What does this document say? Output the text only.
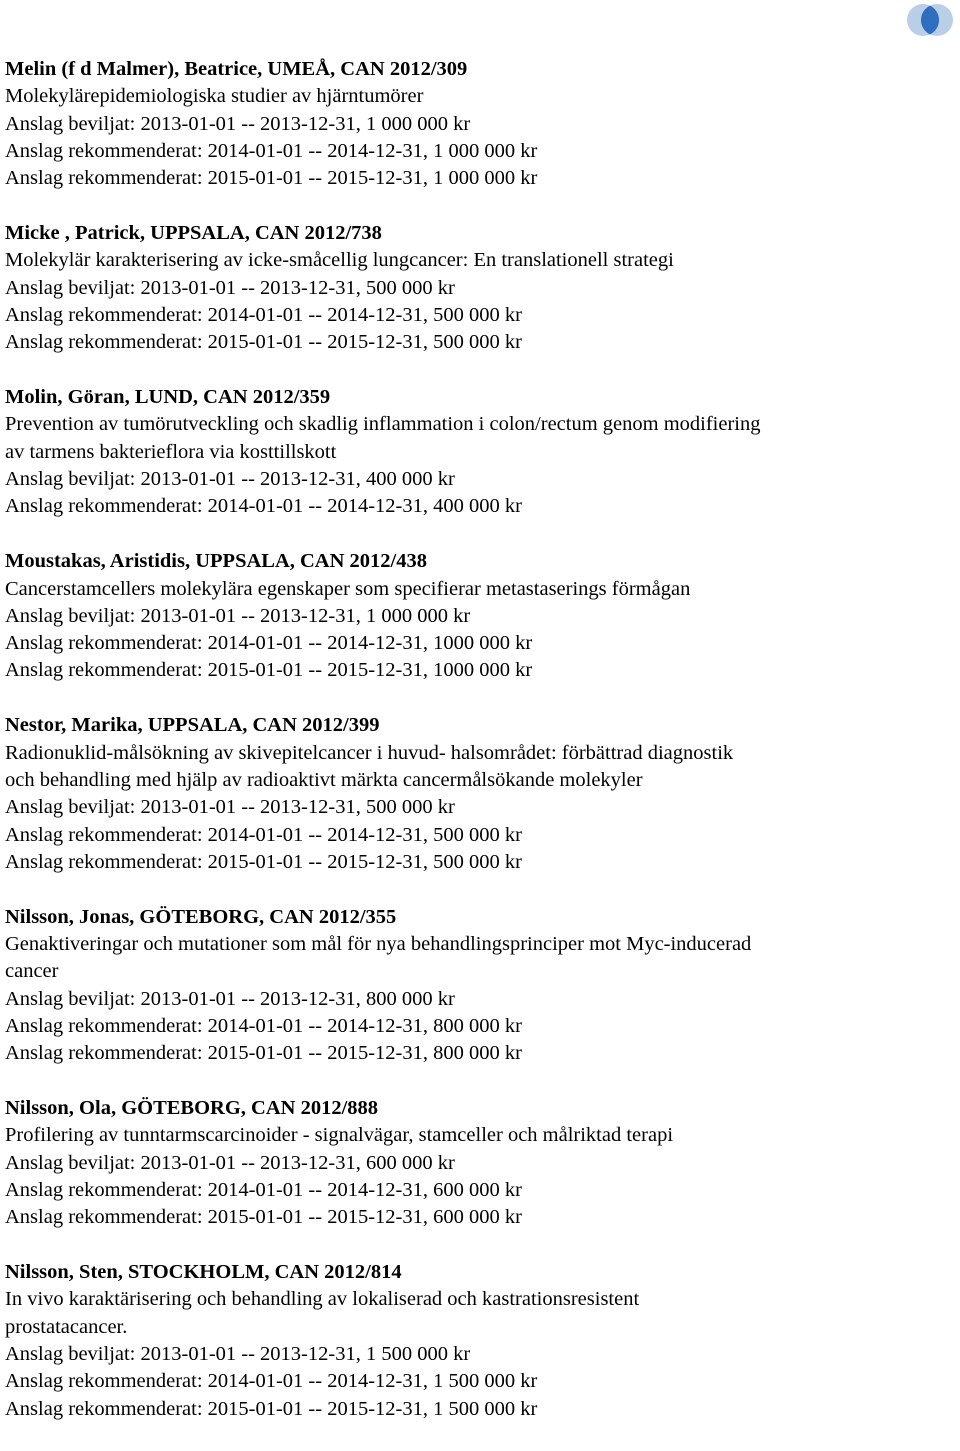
Melin (f d Malmer), Beatrice, UMEÅ, CAN 2012/309

Molekylärepidemiologiska studier av hjärntumörer

Anslag beviljat: 2013-01-01 -- 2013-12-31, 1 000 000 kr

Anslag rekommenderat: 2014-01-01 -- 2014-12-31, 1 000 000 kr

Anslag rekommenderat: 2015-01-01 -- 2015-12-31, 1 000 000 kr

Micke , Patrick, UPPSALA, CAN 2012/738

Molekylär karakterisering av icke-småcellig lungcancer: En translationell strategi

Anslag beviljat: 2013-01-01 -- 2013-12-31, 500 000 kr

Anslag rekommenderat: 2014-01-01 -- 2014-12-31, 500 000 kr

Anslag rekommenderat: 2015-01-01 -- 2015-12-31, 500 000 kr

Molin, Göran, LUND, CAN 2012/359

Prevention av tumörutveckling och skadlig inflammation i colon/rectum genom modifiering

av tarmens bakterieflora via kosttillskott

Anslag beviljat: 2013-01-01 -- 2013-12-31, 400 000 kr

Anslag rekommenderat: 2014-01-01 -- 2014-12-31, 400 000 kr

Moustakas, Aristidis, UPPSALA, CAN 2012/438

Cancerstamcellers molekylära egenskaper som specifierar metastaserings förmågan

Anslag beviljat: 2013-01-01 -- 2013-12-31, 1 000 000 kr

Anslag rekommenderat: 2014-01-01 -- 2014-12-31, 1000 000 kr

Anslag rekommenderat: 2015-01-01 -- 2015-12-31, 1000 000 kr

Nestor, Marika, UPPSALA, CAN 2012/399

Radionuklid-målsökning av skivepitelcancer i huvud- halsområdet: förbättrad diagnostik

och behandling med hjälp av radioaktivt märkta cancermålsökande molekyler

Anslag beviljat: 2013-01-01 -- 2013-12-31, 500 000 kr

Anslag rekommenderat: 2014-01-01 -- 2014-12-31, 500 000 kr

Anslag rekommenderat: 2015-01-01 -- 2015-12-31, 500 000 kr

Nilsson, Jonas, GÖTEBORG, CAN 2012/355

Genaktiveringar och mutationer som mål för nya behandlingsprinciper mot Myc-inducerad

cancer

Anslag beviljat: 2013-01-01 -- 2013-12-31, 800 000 kr

Anslag rekommenderat: 2014-01-01 -- 2014-12-31, 800 000 kr

Anslag rekommenderat: 2015-01-01 -- 2015-12-31, 800 000 kr

Nilsson, Ola, GÖTEBORG, CAN 2012/888

Profilering av tunntarmscarcinoider - signalvägar, stamceller och målriktad terapi

Anslag beviljat: 2013-01-01 -- 2013-12-31, 600 000 kr

Anslag rekommenderat: 2014-01-01 -- 2014-12-31, 600 000 kr

Anslag rekommenderat: 2015-01-01 -- 2015-12-31, 600 000 kr

Nilsson, Sten, STOCKHOLM, CAN 2012/814

In vivo karaktärisering och behandling av lokaliserad och kastrationsresistent

prostatacancer.

Anslag beviljat: 2013-01-01 -- 2013-12-31, 1 500 000 kr

Anslag rekommenderat: 2014-01-01 -- 2014-12-31, 1 500 000 kr

Anslag rekommenderat: 2015-01-01 -- 2015-12-31, 1 500 000 kr
